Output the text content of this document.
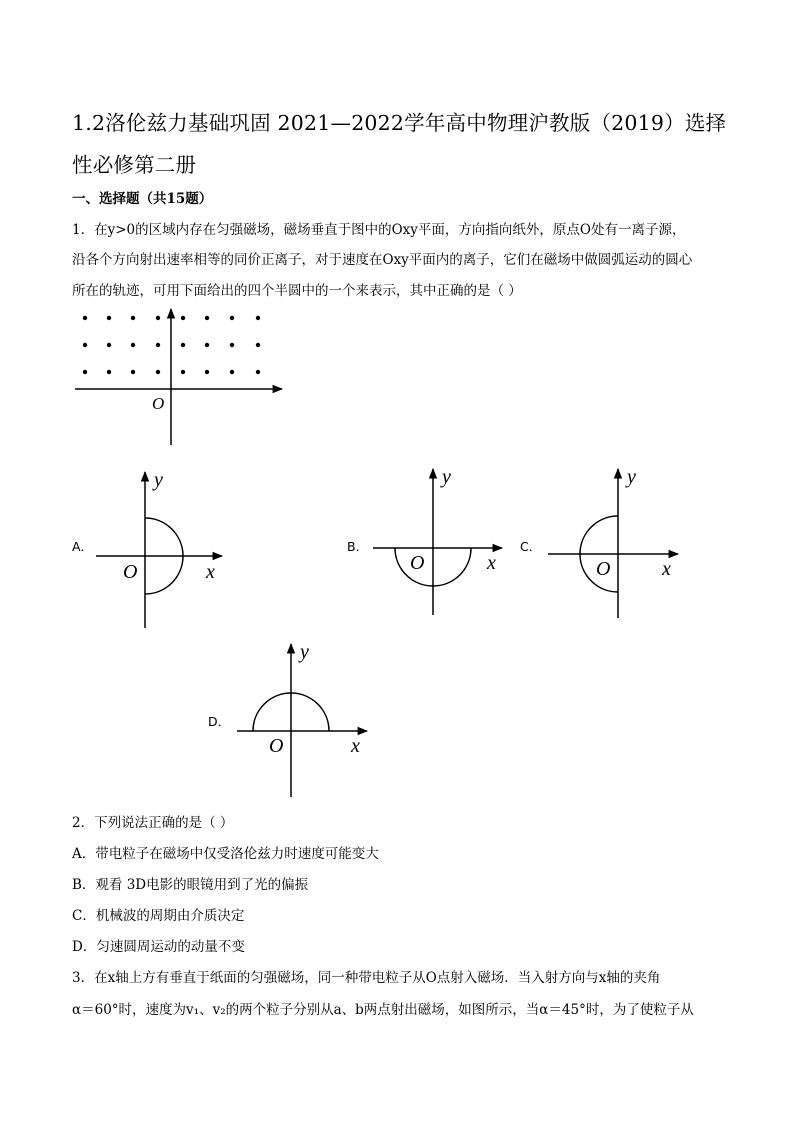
1.2洛伦兹力基础巩固 2021—2022学年高中物理沪教版（2019）选择性必修第二册
一、选择题（共15题）
1．在y>0的区域内存在匀强磁场，磁场垂直于图中的Oxy平面，方向指向纸外，原点O处有一离子源，
沿各个方向射出速率相等的同价正离子，对于速度在Oxy平面内的离子，它们在磁场中做圆弧运动的圆心
所在的轨迹，可用下面给出的四个半圆中的一个来表示，其中正确的是（ ）
O
A．
y
O	x
B．
y
O	x
C．
y
O	x
D．
y
O	x
2．下列说法正确的是（ ）
A．带电粒子在磁场中仅受洛伦兹力时速度可能变大
B．观看 3D电影的眼镜用到了光的偏振
C．机械波的周期由介质决定
D．匀速圆周运动的动量不变
3．在x轴上方有垂直于纸面的匀强磁场，同一种带电粒子从O点射入磁场．当入射方向与x轴的夹角
α＝60°时，速度为v₁、v₂的两个粒子分别从a、b两点射出磁场，如图所示，当α＝45°时，为了使粒子从
